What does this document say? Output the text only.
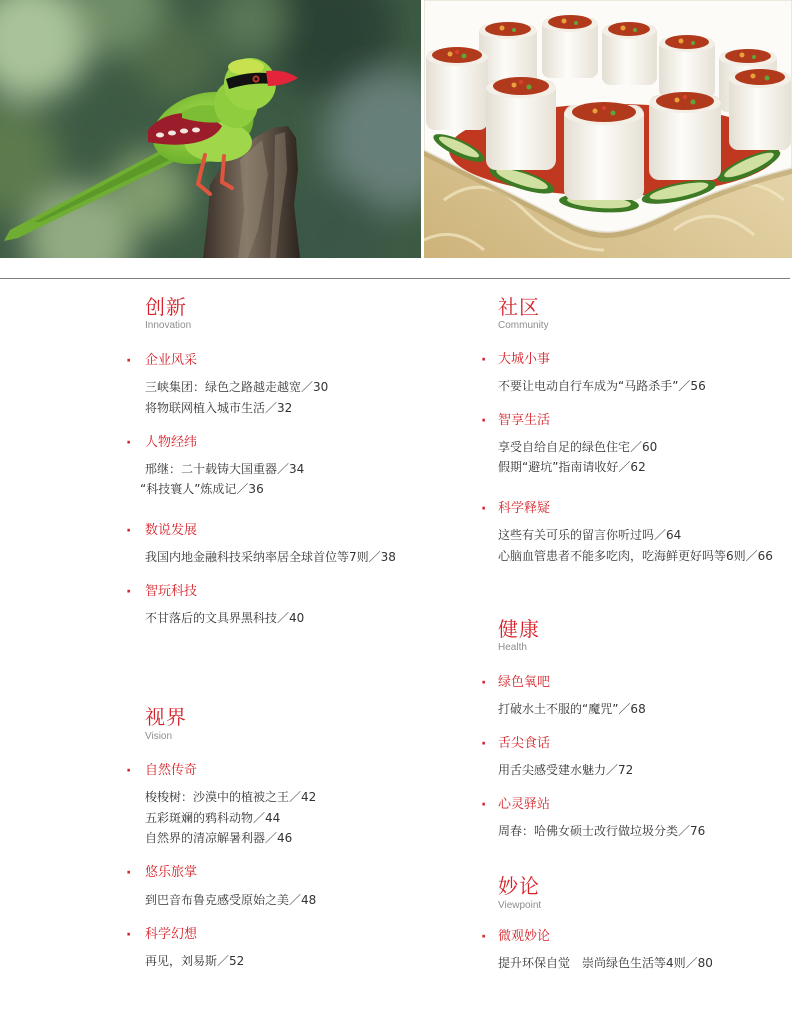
创新
Innovation
· 企业风采
三峡集团：绿色之路越走越宽／30
将物联网植入城市生活／32
· 人物经纬
邢继：二十载铸大国重器／34
“科技寰人”炼成记／36
· 数说发展
我国内地金融科技采纳率居全球首位等7则／38
· 智玩科技
不甘落后的文具界黑科技／40
视界
Vision
· 自然传奇
梭梭树：沙漠中的植被之王／42
五彩斑斓的鸦科动物／44
自然界的清凉解暑利器／46
· 悠乐旅掌
到巴音布鲁克感受原始之美／48
· 科学幻想
再见，刘易斯／52
社区
Community
· 大城小事
不要让电动自行车成为“马路杀手”／56
· 智享生活
享受自给自足的绿色住宅／60
假期“避坑”指南请收好／62
· 科学释疑
这些有关可乐的留言你听过吗／64
心脑血管患者不能多吃肉，吃海鲜更好吗等6则／66
健康
Health
· 绿色氧吧
打破水土不服的“魔咒”／68
· 舌尖食话
用舌尖感受建水魅力／72
· 心灵驿站
周春：哈佛女硕士改行做垃圾分类／76
妙论
Viewpoint
· 微观妙论
提升环保自觉　崇尚绿色生活等4则／80
